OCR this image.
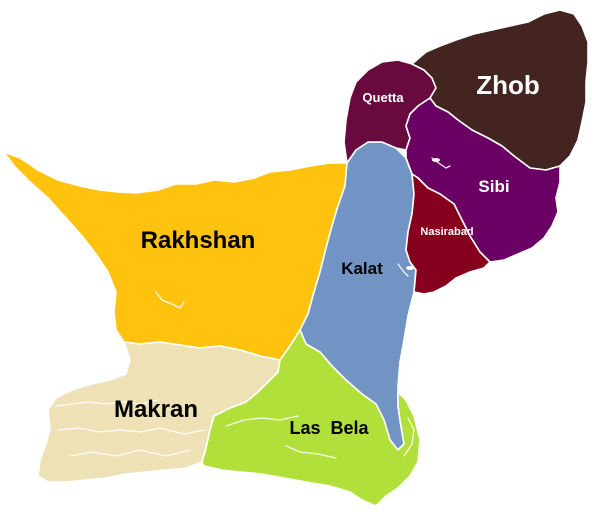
Rakhshan
Makran
Kalat
Las  Bela
Quetta	Zhob
Sibi
Nasirabad
